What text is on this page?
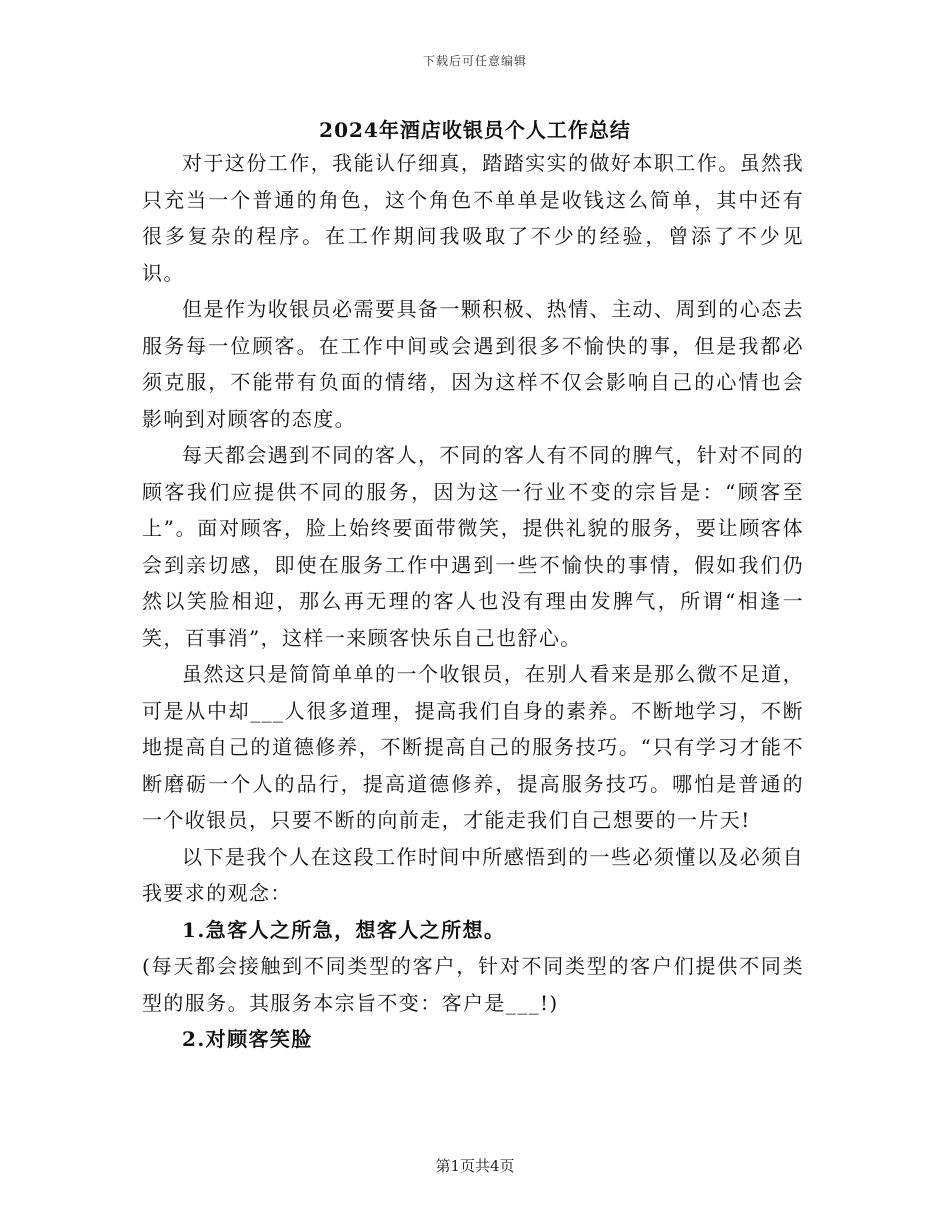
下载后可任意编辑
2024年酒店收银员个人工作总结

对于这份工作，我能认仔细真，踏踏实实的做好本职工作。虽然我只充当一个普通的角色，这个角色不单单是收钱这么简单，其中还有很多复杂的程序。在工作期间我吸取了不少的经验，曾添了不少见识。

但是作为收银员必需要具备一颗积极、热情、主动、周到的心态去服务每一位顾客。在工作中间或会遇到很多不愉快的事，但是我都必须克服，不能带有负面的情绪，因为这样不仅会影响自己的心情也会影响到对顾客的态度。

每天都会遇到不同的客人，不同的客人有不同的脾气，针对不同的顾客我们应提供不同的服务，因为这一行业不变的宗旨是：“顾客至上”。面对顾客，脸上始终要面带微笑，提供礼貌的服务，要让顾客体会到亲切感，即使在服务工作中遇到一些不愉快的事情，假如我们仍然以笑脸相迎，那么再无理的客人也没有理由发脾气，所谓“相逢一笑，百事消”，这样一来顾客快乐自己也舒心。

虽然这只是简简单单的一个收银员，在别人看来是那么微不足道，可是从中却___人很多道理，提高我们自身的素养。不断地学习，不断地提高自己的道德修养，不断提高自己的服务技巧。“只有学习才能不断磨砺一个人的品行，提高道德修养，提高服务技巧。哪怕是普通的一个收银员，只要不断的向前走，才能走我们自己想要的一片天!

以下是我个人在这段工作时间中所感悟到的一些必须懂以及必须自我要求的观念：

1.急客人之所急，想客人之所想。

(每天都会接触到不同类型的客户，针对不同类型的客户们提供不同类型的服务。其服务本宗旨不变：客户是___!)

2.对顾客笑脸

第1页共4页
